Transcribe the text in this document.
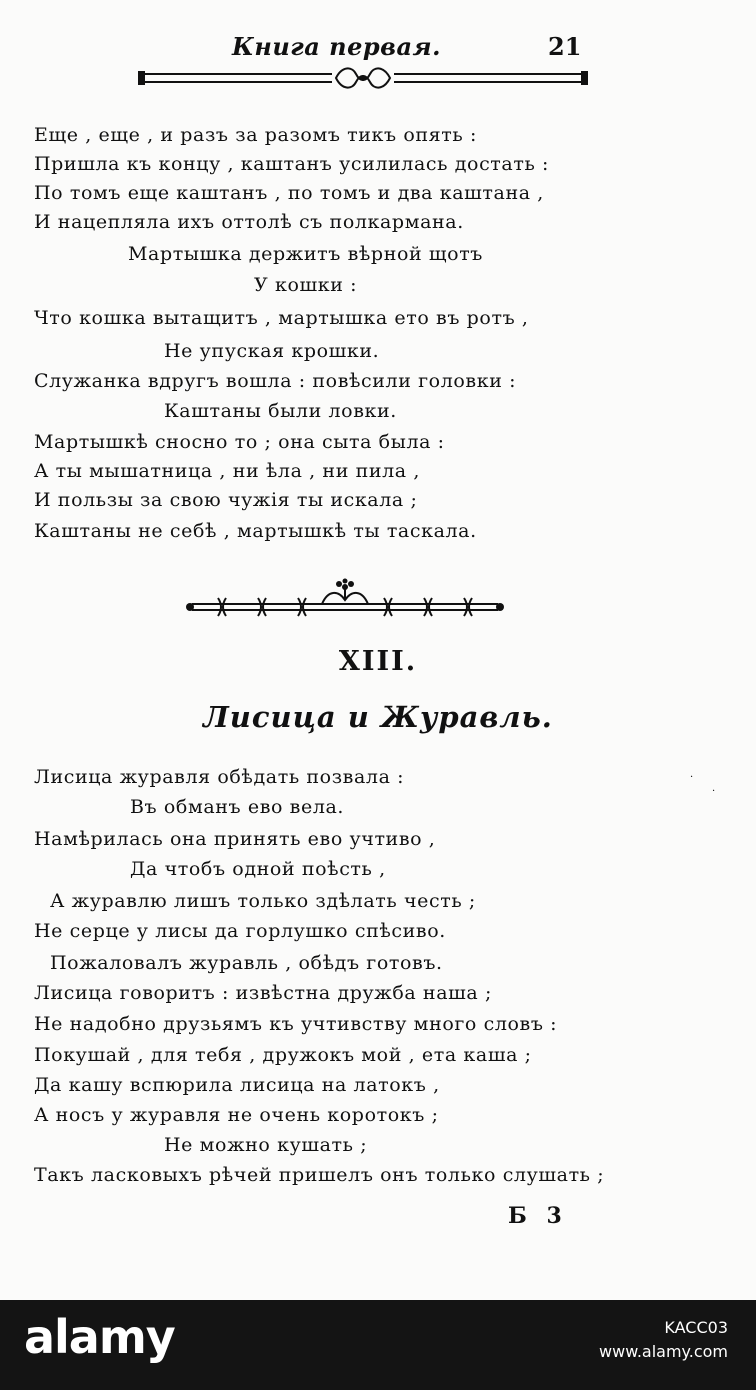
Книга первая.	21
Еще , еще , и разъ за разомъ тикъ опять :
Пришла къ концу , каштанъ усилилась достать :
По томъ еще каштанъ , по томъ и два каштана ,
И нацепляла ихъ оттолѣ съ полкармана.
Мартышка держитъ вѣрной щотъ
У кошки :
Что кошка вытащитъ , мартышка ето въ ротъ ,
Не упуская крошки.
Служанка вдругъ вошла : повѣсили головки :
Каштаны были ловки.
Мартышкѣ сносно то ; она сыта была :
А ты мышатница , ни ѣла , ни пила ,
И пользы за свою чужія ты искала ;
Каштаны не себѣ , мартышкѣ ты таскала.
XIII.
Лисица и Журавль.
Лисица журавля обѣдать позвала :
Въ обманъ ево вела.
Намѣрилась она принять ево учтиво ,
Да чтобъ одной поѣсть ,
А журавлю лишъ только здѣлать честь ;
Не серце у лисы да горлушко спѣсиво.
Пожаловалъ журавль , обѣдъ готовъ.
Лисица говоритъ : извѣстна дружба наша ;
Не надобно друзьямъ къ учтивству много словъ :
Покушай , для тебя , дружокъ мой , ета каша ;
Да кашу вспюрила лисица на латокъ ,
А носъ у журавля не очень коротокъ ;
Не можно кушать ;
Такъ ласковыхъ рѣчей пришелъ онъ только слушать ;
Б 3
·
·
alamy	KACC03
www.alamy.com
